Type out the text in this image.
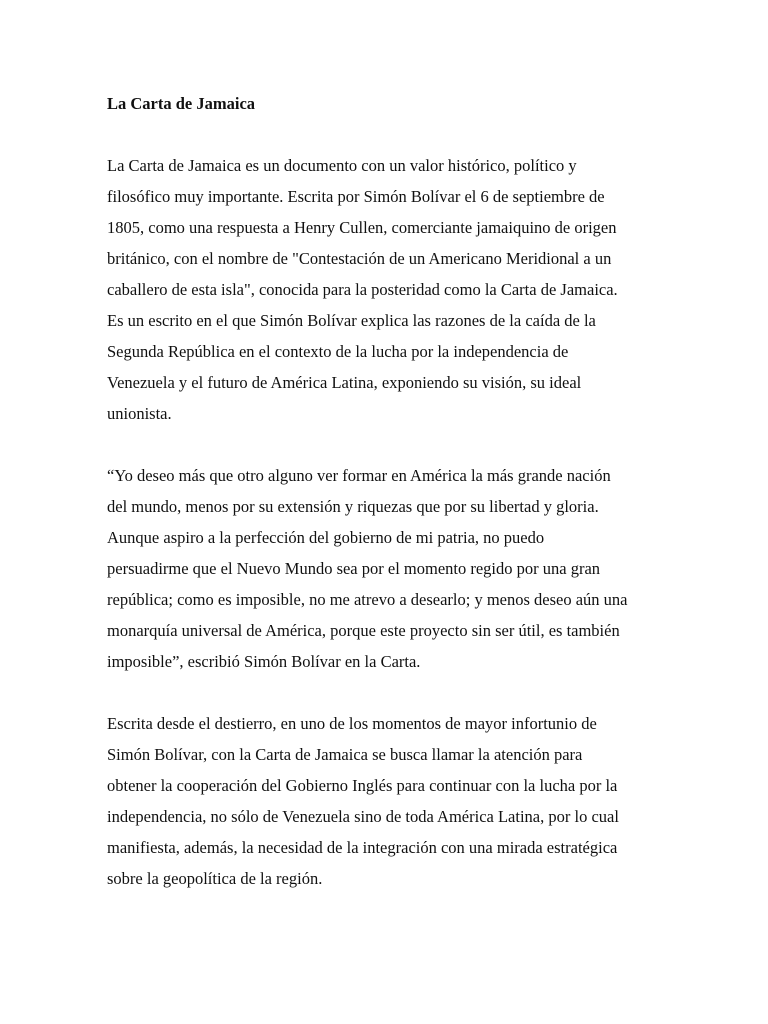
La Carta de Jamaica

La Carta de Jamaica es un documento con un valor histórico, político y
filosófico muy importante. Escrita por Simón Bolívar el 6 de septiembre de
1805, como una respuesta a Henry Cullen, comerciante jamaiquino de origen
británico, con el nombre de "Contestación de un Americano Meridional a un
caballero de esta isla", conocida para la posteridad como la Carta de Jamaica.
Es un escrito en el que Simón Bolívar explica las razones de la caída de la
Segunda República en el contexto de la lucha por la independencia de
Venezuela y el futuro de América Latina, exponiendo su visión, su ideal
unionista.

“Yo deseo más que otro alguno ver formar en América la más grande nación
del mundo, menos por su extensión y riquezas que por su libertad y gloria.
Aunque aspiro a la perfección del gobierno de mi patria, no puedo
persuadirme que el Nuevo Mundo sea por el momento regido por una gran
república; como es imposible, no me atrevo a desearlo; y menos deseo aún una
monarquía universal de América, porque este proyecto sin ser útil, es también
imposible”, escribió Simón Bolívar en la Carta.

Escrita desde el destierro, en uno de los momentos de mayor infortunio de
Simón Bolívar, con la Carta de Jamaica se busca llamar la atención para
obtener la cooperación del Gobierno Inglés para continuar con la lucha por la
independencia, no sólo de Venezuela sino de toda América Latina, por lo cual
manifiesta, además, la necesidad de la integración con una mirada estratégica
sobre la geopolítica de la región.
